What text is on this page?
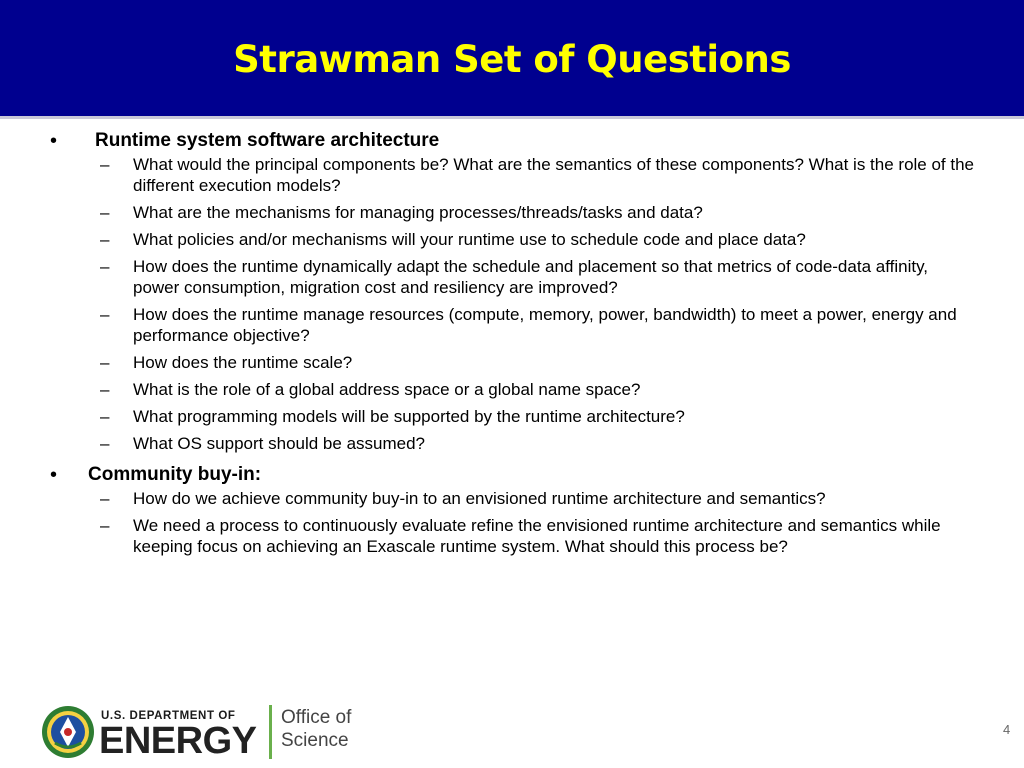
Strawman Set of Questions
• Runtime system software architecture
– What would the principal components be? What are the semantics of these components? What is the role of the different execution models?
– What are the mechanisms for managing processes/threads/tasks and data?
– What policies and/or mechanisms will your runtime use to schedule code and place data?
– How does the runtime dynamically adapt the schedule and placement so that metrics of code-data affinity, power consumption, migration cost and resiliency are improved?
– How does the runtime manage resources (compute, memory, power, bandwidth) to meet a power, energy and performance objective?
– How does the runtime scale?
– What is the role of a global address space or a global name space?
– What programming models will be supported by the runtime architecture?
– What OS support should be assumed?
• Community buy-in:
– How do we achieve community buy-in to an envisioned runtime architecture and semantics?
– We need a process to continuously evaluate refine the envisioned runtime architecture and semantics while keeping focus on achieving an Exascale runtime system. What should this process be?
U.S. DEPARTMENT OF
ENERGY
Office of
Science
4
